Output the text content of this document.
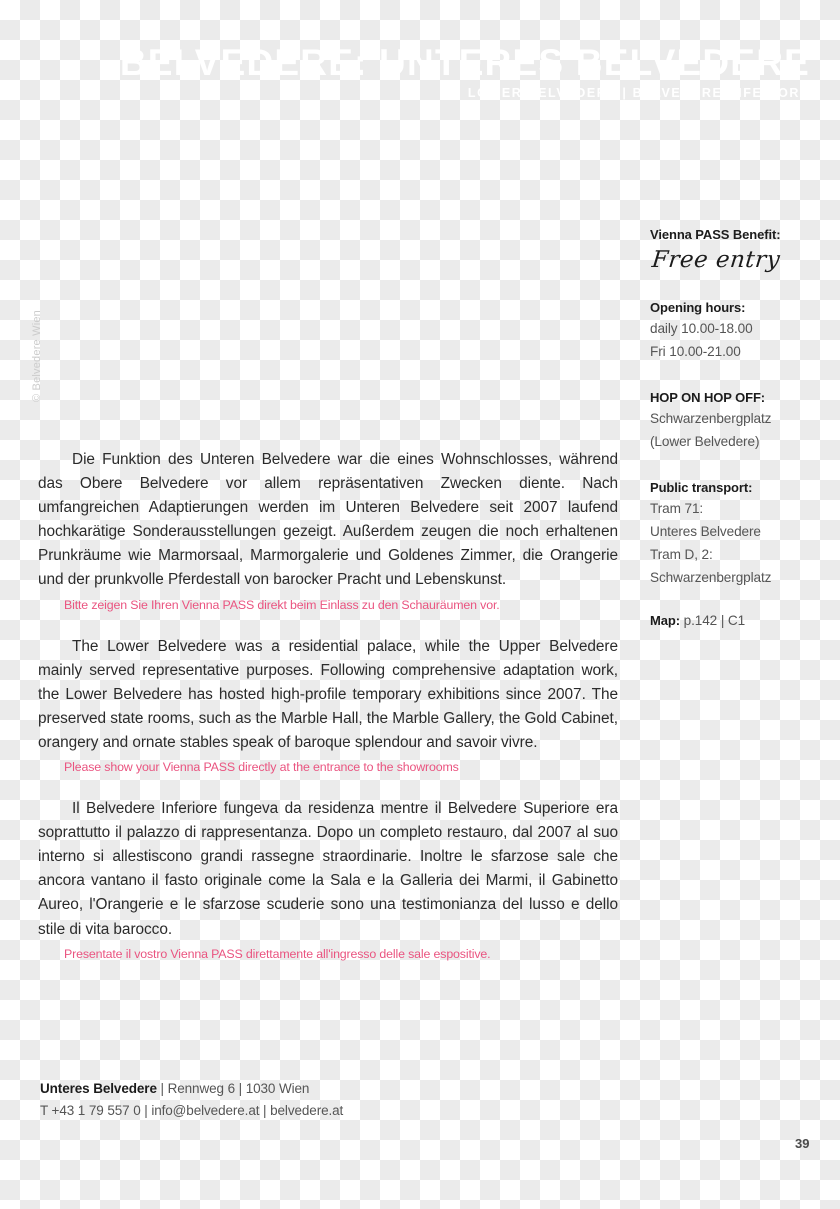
BELVEDERE: UNTERES BELVEDERE
LOWER BELVEDERE | BELVEDERE INFERIORE
© Belvedere Wien

Die Funktion des Unteren Belvedere war die eines Wohnschlosses, während das Obere Belvedere vor allem repräsentativen Zwecken diente. Nach umfangreichen Adaptierungen werden im Unteren Belvedere seit 2007 laufend hochkarätige Sonderausstellungen gezeigt. Außerdem zeugen die noch erhaltenen Prunkräume wie Marmorsaal, Marmorgalerie und Goldenes Zimmer, die Orangerie und der prunkvolle Pferdestall von barocker Pracht und Lebenskunst.

Bitte zeigen Sie Ihren Vienna PASS direkt beim Einlass zu den Schauräumen vor.

The Lower Belvedere was a residential palace, while the Upper Belvedere mainly served representative purposes. Following comprehensive adaptation work, the Lower Belvedere has hosted high-profile temporary exhibitions since 2007. The preserved state rooms, such as the Marble Hall, the Marble Gallery, the Gold Cabinet, orangery and ornate stables speak of baroque splendour and savoir vivre.

Please show your Vienna PASS directly at the entrance to the showrooms

Il Belvedere Inferiore fungeva da residenza mentre il Belvedere Superiore era soprattutto il palazzo di rappresentanza. Dopo un completo restauro, dal 2007 al suo interno si allestiscono grandi rassegne straordinarie. Inoltre le sfarzose sale che ancora vantano il fasto originale come la Sala e la Galleria dei Marmi, il Gabinetto Aureo, l'Orangerie e le sfarzose scuderie sono una testimonianza del lusso e dello stile di vita barocco.

Presentate il vostro Vienna PASS direttamente all'ingresso delle sale espositive.

Vienna PASS Benefit:
Free entry
Opening hours:
daily 10.00-18.00
Fri 10.00-21.00
HOP ON HOP OFF:
Schwarzenbergplatz
(Lower Belvedere)
Public transport:
Tram 71:
Unteres Belvedere
Tram D, 2:
Schwarzenbergplatz
Map: p.142 | C1
Unteres Belvedere | Rennweg 6 | 1030 Wien
T +43 1 79 557 0 | info@belvedere.at | belvedere.at
39
